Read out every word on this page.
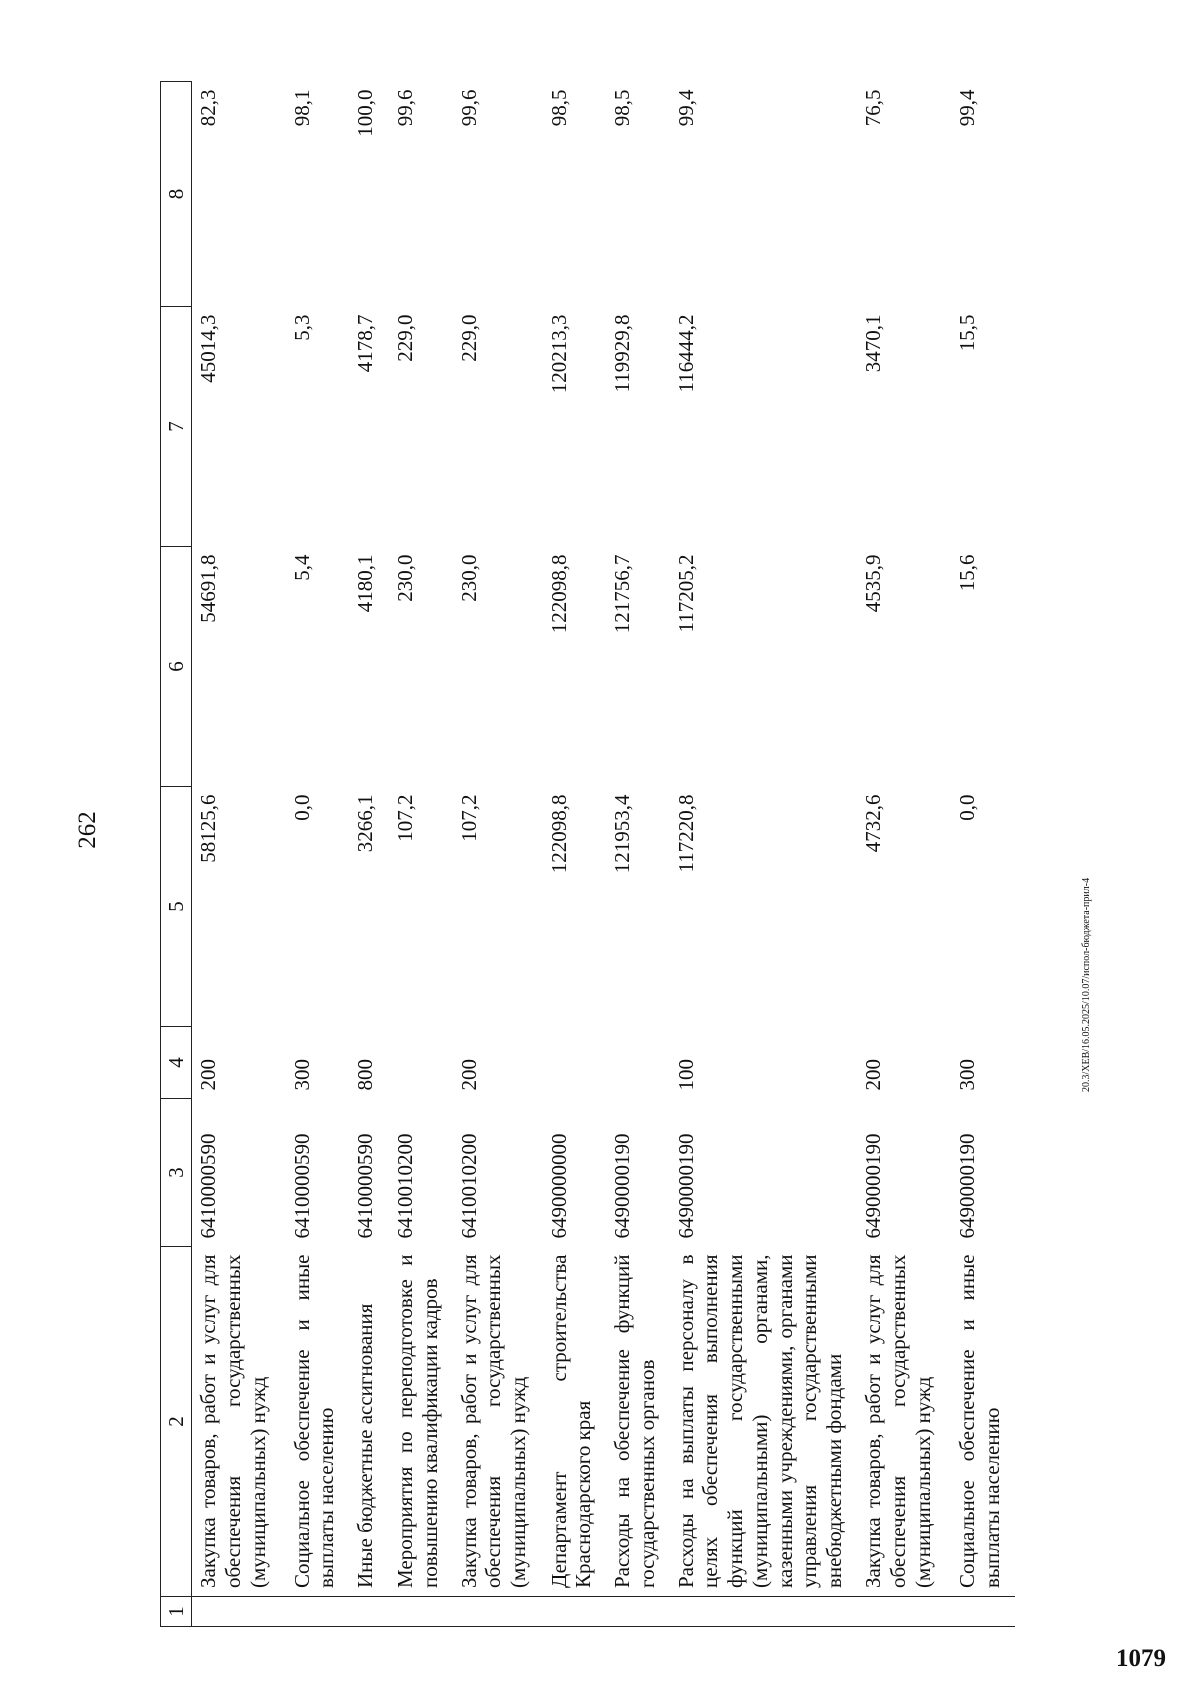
262
1	2	3	4	5	6	7	8
	Закупка товаров, работ и услуг для обеспечения государственных (муниципальных) нужд	6410000590	200	58125,6	54691,8	45014,3	82,3
	Социальное обеспечение и иные выплаты населению	6410000590	300	0,0	5,4	5,3	98,1
	Иные бюджетные ассигнования	6410000590	800	3266,1	4180,1	4178,7	100,0
	Мероприятия по переподготовке и повышению квалификации кадров	6410010200		107,2	230,0	229,0	99,6
	Закупка товаров, работ и услуг для обеспечения государственных (муниципальных) нужд	6410010200	200	107,2	230,0	229,0	99,6
	Департамент строительства Краснодарского края	6490000000		122098,8	122098,8	120213,3	98,5
	Расходы на обеспечение функций государственных органов	6490000190		121953,4	121756,7	119929,8	98,5
	Расходы на выплаты персоналу в целях обеспечения выполнения функций государственными (муниципальными) органами, казенными учреждениями, органами управления государственными внебюджетными фондами	6490000190	100	117220,8	117205,2	116444,2	99,4
	Закупка товаров, работ и услуг для обеспечения государственных (муниципальных) нужд	6490000190	200	4732,6	4535,9	3470,1	76,5
	Социальное обеспечение и иные выплаты населению	6490000190	300	0,0	15,6	15,5	99,4
20.3/ХЕВ/16.05.2025/10.07/испол-бюджета-прил-4
1079
